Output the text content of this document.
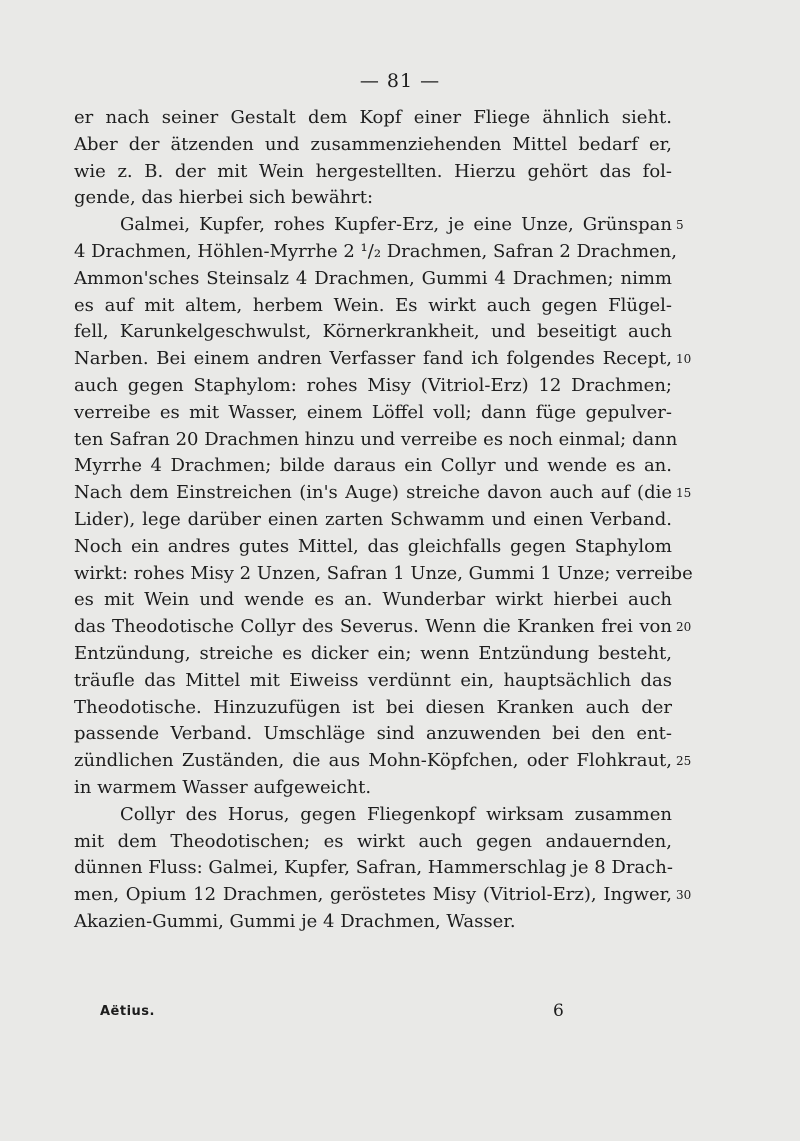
— 81 —
er nach seiner Gestalt dem Kopf einer Fliege ähnlich sieht.
Aber der ätzenden und zusammenziehenden Mittel bedarf er,
wie z. B. der mit Wein hergestellten. Hierzu gehört das fol-
gende, das hierbei sich bewährt:
Galmei, Kupfer, rohes Kupfer-Erz, je eine Unze, Grünspan
4 Drachmen, Höhlen-Myrrhe 2 ¹/₂ Drachmen, Safran 2 Drachmen,
Ammon'sches Steinsalz 4 Drachmen, Gummi 4 Drachmen; nimm
es auf mit altem, herbem Wein. Es wirkt auch gegen Flügel-
fell, Karunkelgeschwulst, Körnerkrankheit, und beseitigt auch
Narben. Bei einem andren Verfasser fand ich folgendes Recept,
auch gegen Staphylom: rohes Misy (Vitriol-Erz) 12 Drachmen;
verreibe es mit Wasser, einem Löffel voll; dann füge gepulver-
ten Safran 20 Drachmen hinzu und verreibe es noch einmal; dann
Myrrhe 4 Drachmen; bilde daraus ein Collyr und wende es an.
Nach dem Einstreichen (in's Auge) streiche davon auch auf (die
Lider), lege darüber einen zarten Schwamm und einen Verband.
Noch ein andres gutes Mittel, das gleichfalls gegen Staphylom
wirkt: rohes Misy 2 Unzen, Safran 1 Unze, Gummi 1 Unze; verreibe
es mit Wein und wende es an. Wunderbar wirkt hierbei auch
das Theodotische Collyr des Severus. Wenn die Kranken frei von
Entzündung, streiche es dicker ein; wenn Entzündung besteht,
träufle das Mittel mit Eiweiss verdünnt ein, hauptsächlich das
Theodotische. Hinzuzufügen ist bei diesen Kranken auch der
passende Verband. Umschläge sind anzuwenden bei den ent-
zündlichen Zuständen, die aus Mohn-Köpfchen, oder Flohkraut,
in warmem Wasser aufgeweicht.
Collyr des Horus, gegen Fliegenkopf wirksam zusammen
mit dem Theodotischen; es wirkt auch gegen andauernden,
dünnen Fluss: Galmei, Kupfer, Safran, Hammerschlag je 8 Drach-
men, Opium 12 Drachmen, geröstetes Misy (Vitriol-Erz), Ingwer,
Akazien-Gummi, Gummi je 4 Drachmen, Wasser.
5
10
15
20
25
30
Aëtius.	6
